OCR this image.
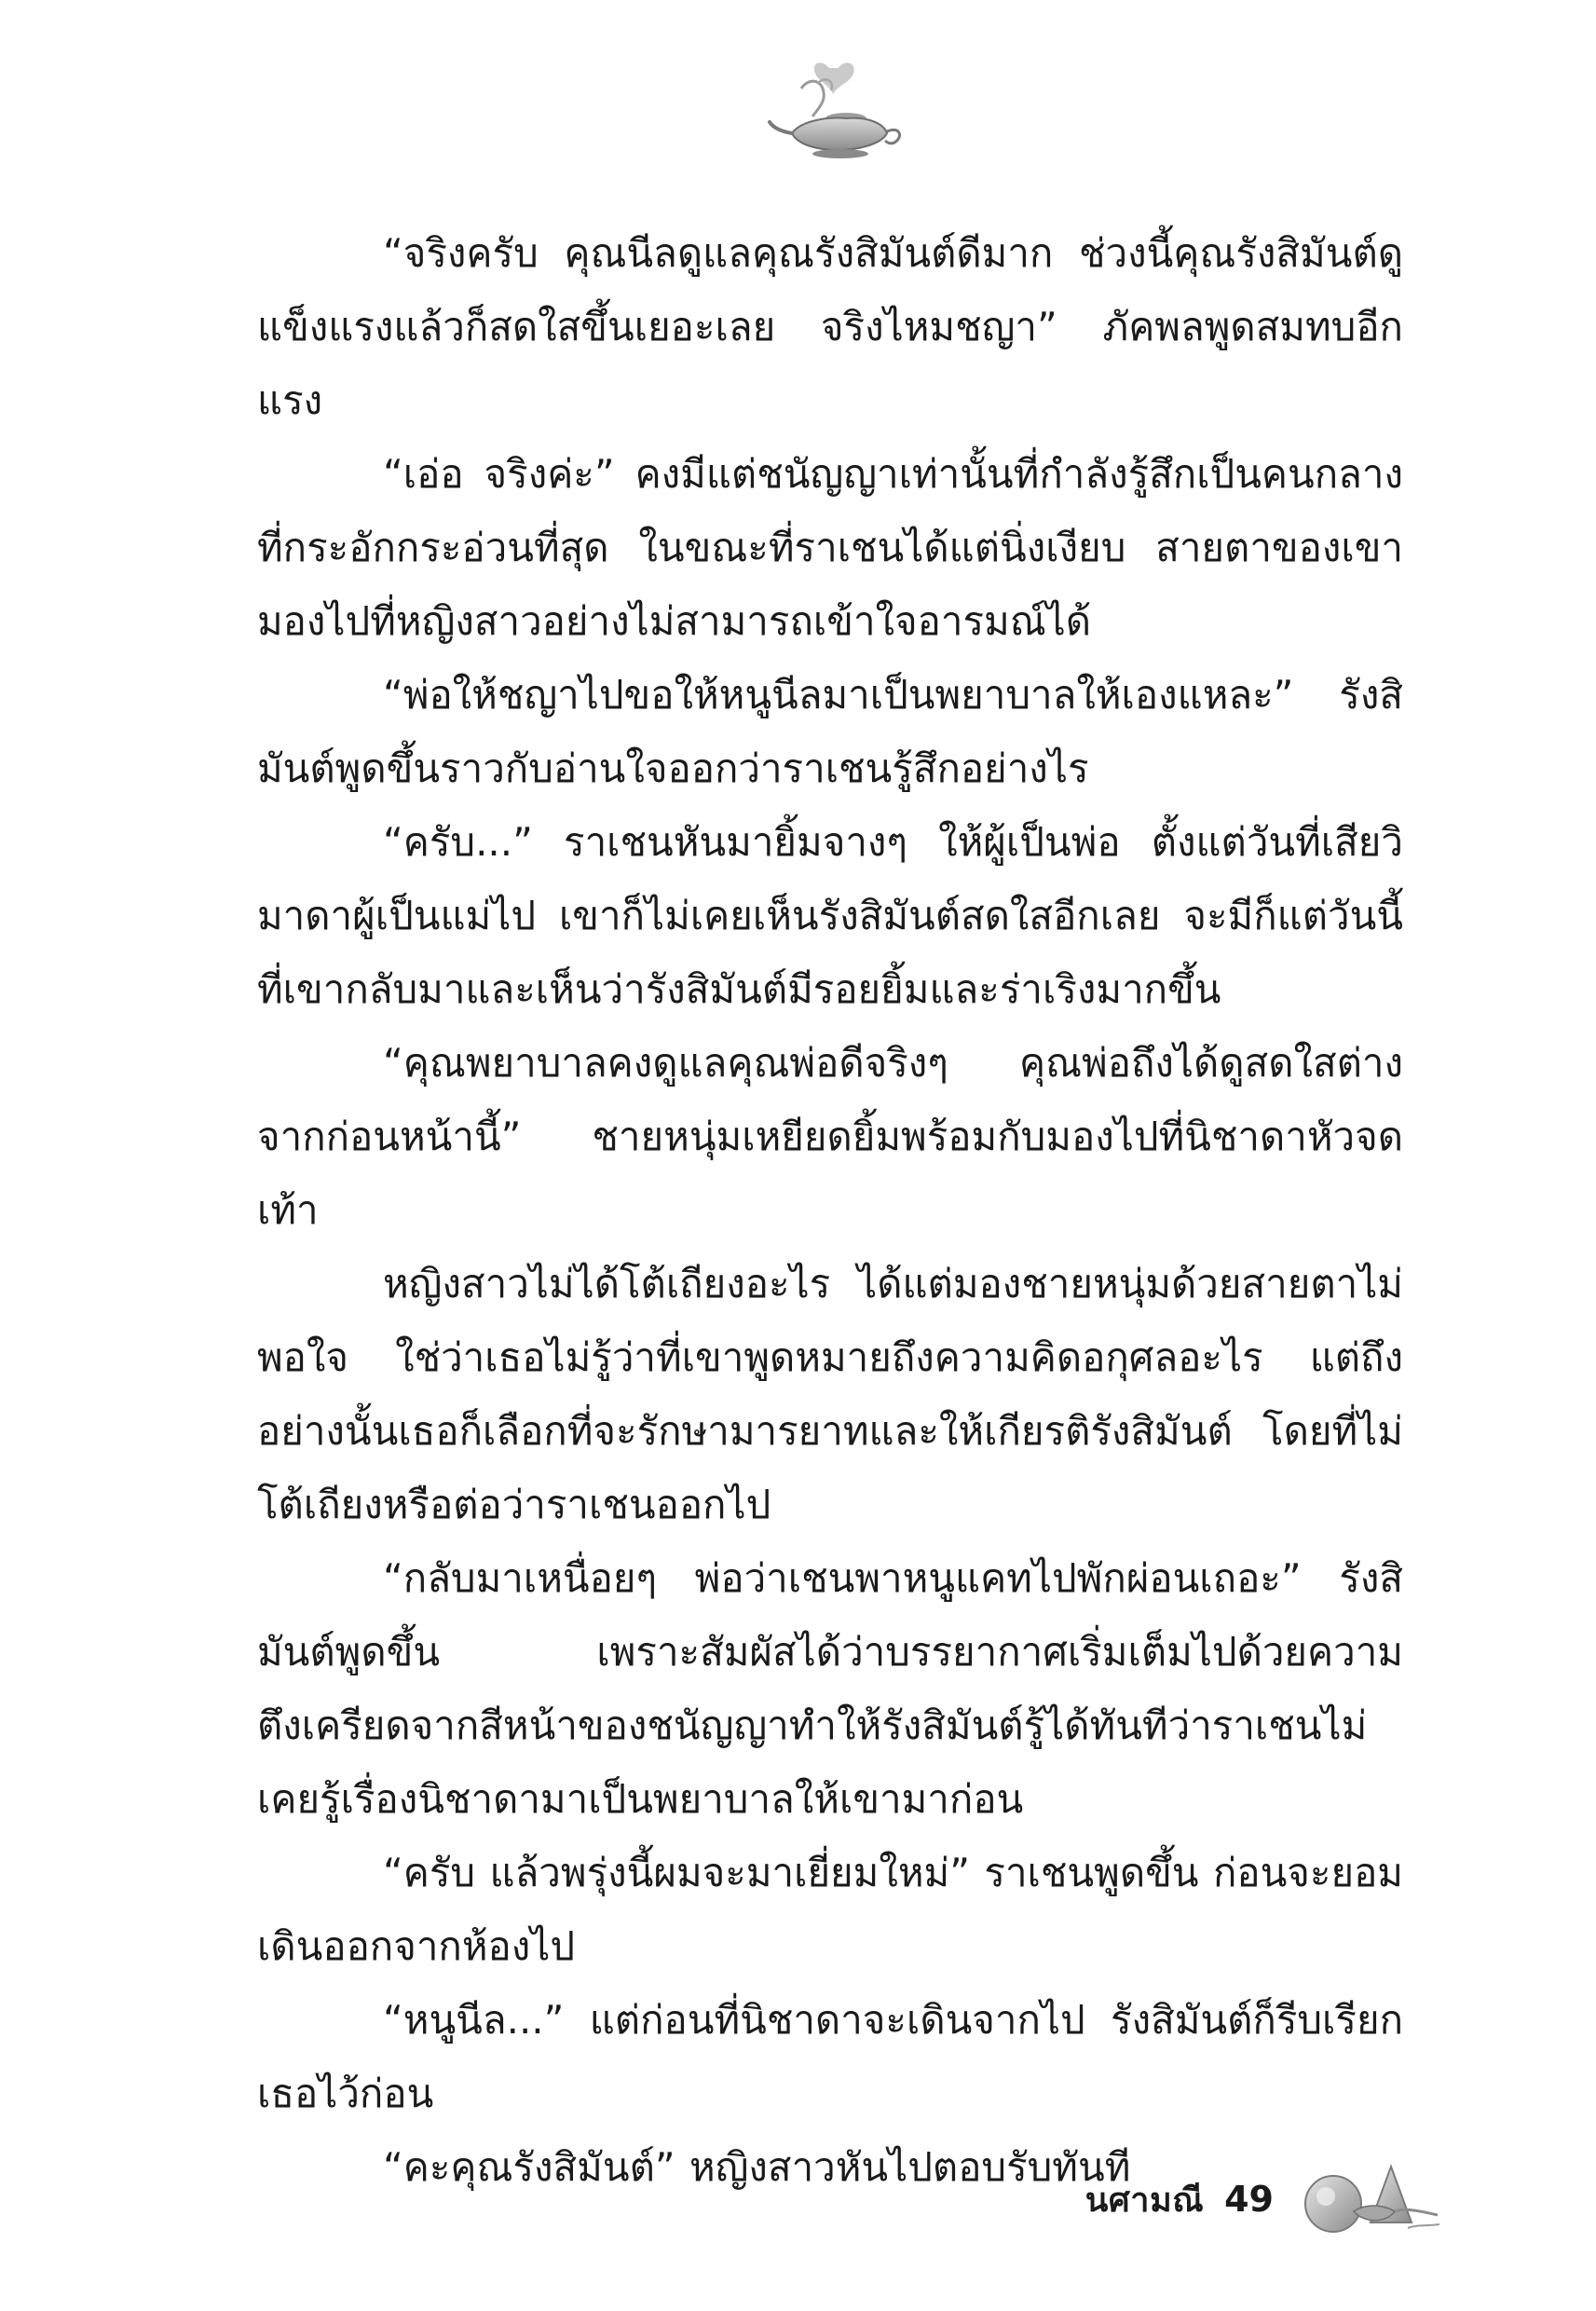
“จริงครับ คุณนีลดูแลคุณรังสิมันต์ดีมาก ช่วงนี้คุณรังสิมันต์ดูแข็งแรงแล้วก็สดใสขึ้นเยอะเลย จริงไหมชญา” ภัคพลพูดสมทบอีกแรง

“เอ่อ จริงค่ะ” คงมีแต่ชนัญญาเท่านั้นที่กำลังรู้สึกเป็นคนกลางที่กระอักกระอ่วนที่สุด ในขณะที่ราเชนได้แต่นิ่งเงียบ สายตาของเขามองไปที่หญิงสาวอย่างไม่สามารถเข้าใจอารมณ์ได้

“พ่อให้ชญาไปขอให้หนูนีลมาเป็นพยาบาลให้เองแหละ” รังสิมันต์พูดขึ้นราวกับอ่านใจออกว่าราเชนรู้สึกอย่างไร

“ครับ...” ราเชนหันมายิ้มจางๆ ให้ผู้เป็นพ่อ ตั้งแต่วันที่เสียวิมาดาผู้เป็นแม่ไป เขาก็ไม่เคยเห็นรังสิมันต์สดใสอีกเลย จะมีก็แต่วันนี้ที่เขากลับมาและเห็นว่ารังสิมันต์มีรอยยิ้มและร่าเริงมากขึ้น

“คุณพยาบาลคงดูแลคุณพ่อดีจริงๆ คุณพ่อถึงได้ดูสดใสต่างจากก่อนหน้านี้” ชายหนุ่มเหยียดยิ้มพร้อมกับมองไปที่นิชาดาหัวจดเท้า

หญิงสาวไม่ได้โต้เถียงอะไร ได้แต่มองชายหนุ่มด้วยสายตาไม่พอใจ ใช่ว่าเธอไม่รู้ว่าที่เขาพูดหมายถึงความคิดอกุศลอะไร แต่ถึงอย่างนั้นเธอก็เลือกที่จะรักษามารยาทและให้เกียรติรังสิมันต์ โดยที่ไม่โต้เถียงหรือต่อว่าราเชนออกไป

“กลับมาเหนื่อยๆ พ่อว่าเชนพาหนูแคทไปพักผ่อนเถอะ” รังสิมันต์พูดขึ้น เพราะสัมผัสได้ว่าบรรยากาศเริ่มเต็มไปด้วยความตึงเครียดจากสีหน้าของชนัญญาทำให้รังสิมันต์รู้ได้ทันทีว่าราเชนไม่เคยรู้เรื่องนิชาดามาเป็นพยาบาลให้เขามาก่อน

“ครับ แล้วพรุ่งนี้ผมจะมาเยี่ยมใหม่” ราเชนพูดขึ้น ก่อนจะยอมเดินออกจากห้องไป

“หนูนีล...” แต่ก่อนที่นิชาดาจะเดินจากไป รังสิมันต์ก็รีบเรียกเธอไว้ก่อน

“คะคุณรังสิมันต์” หญิงสาวหันไปตอบรับทันที

นศามณี 49
